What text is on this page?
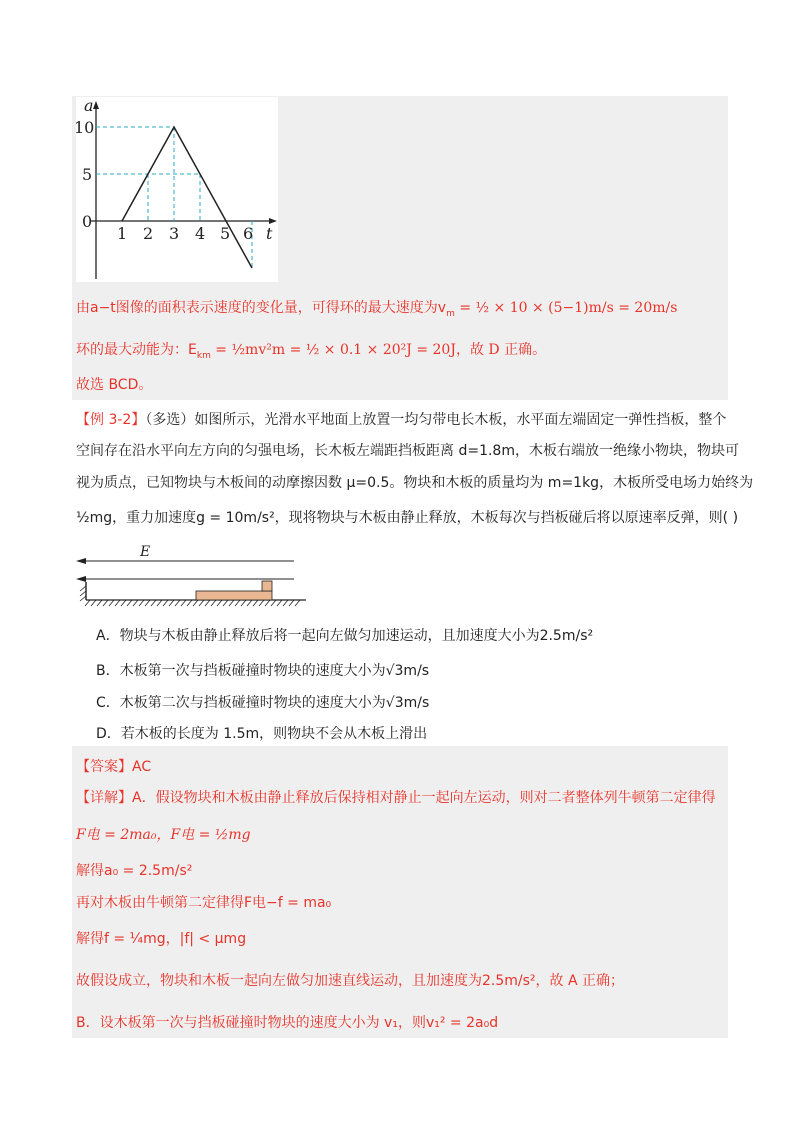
a
t
10
5
0
1 2 3 4 5 6
由a−t图像的面积表示速度的变化量，可得环的最大速度为$v_m$ = ½ × 10 × (5−1)m/s = 20m/s
环的最大动能为：$E_{km}$ = ½mv²m = ½ × 0.1 × 20²J = 20J，故 D 正确。
故选 BCD。
【例 3-2】（多选）如图所示，光滑水平地面上放置一均匀带电长木板，水平面左端固定一弹性挡板，整个
空间存在沿水平向左方向的匀强电场，长木板左端距挡板距离 d=1.8m，木板右端放一绝缘小物块，物块可
视为质点，已知物块与木板间的动摩擦因数 μ=0.5。物块和木板的质量均为 m=1kg，木板所受电场力始终为
½mg，重力加速度g = 10m/s²，现将物块与木板由静止释放，木板每次与挡板碰后将以原速率反弹，则( )
E
A．物块与木板由静止释放后将一起向左做匀加速运动，且加速度大小为2.5m/s²
B．木板第一次与挡板碰撞时物块的速度大小为√3m/s
C．木板第二次与挡板碰撞时物块的速度大小为√3m/s
D．若木板的长度为 1.5m，则物块不会从木板上滑出
【答案】AC
【详解】A．假设物块和木板由静止释放后保持相对静止一起向左运动，则对二者整体列牛顿第二定律得
F电 = 2ma₀，F电 = ½mg
解得a₀ = 2.5m/s²
再对木板由牛顿第二定律得F电−f = ma₀
解得f = ¼mg，|f| < μmg
故假设成立，物块和木板一起向左做匀加速直线运动，且加速度为2.5m/s²，故 A 正确；
B．设木板第一次与挡板碰撞时物块的速度大小为 v₁，则v₁² = 2a₀d
